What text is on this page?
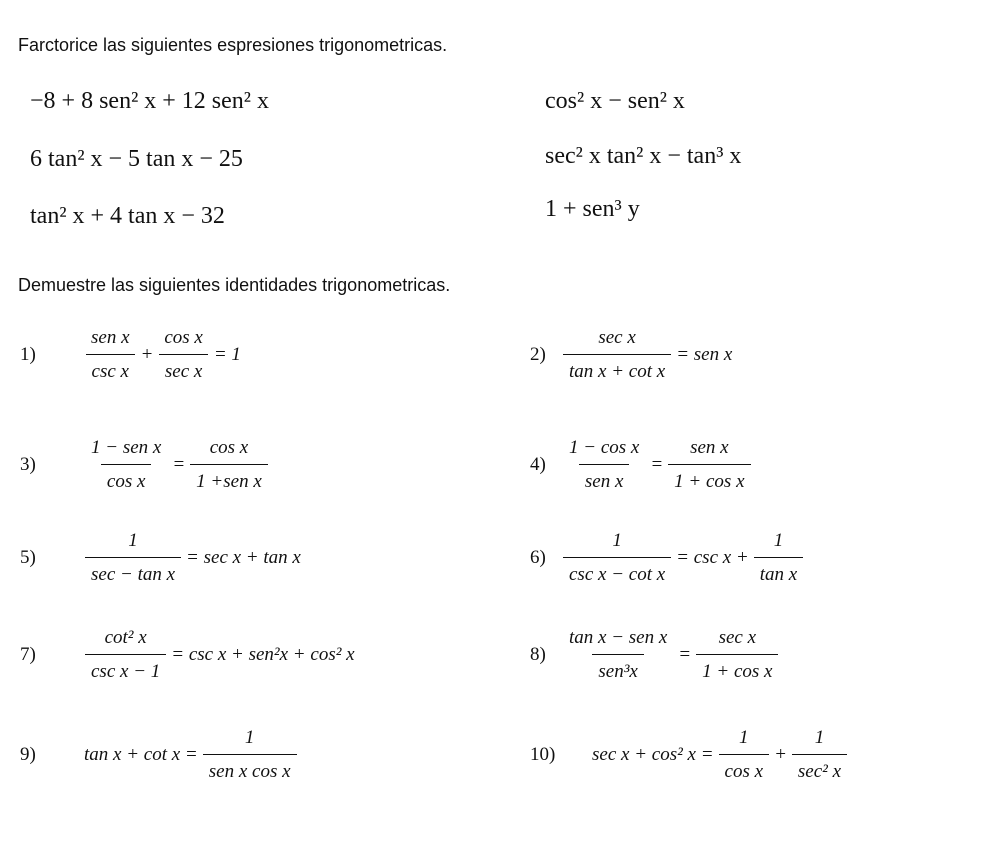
Farctorice las siguientes espresiones trigonometricas.
−8 + 8 sen² x + 12 sen² x
6 tan² x − 5 tan x − 25
tan² x + 4 tan x − 32
cos² x − sen² x
sec² x tan² x − tan³ x
1 + sen³ y
Demuestre las siguientes identidades trigonometricas.
1)	$\frac{\text{sen x}}{\text{csc x}} + \frac{\text{cos x}}{\text{sec x}} = 1$	$2) \frac{\text{sec x}}{\text{tan x + cot x}}$ = sen x
3)	$\frac{\text{1 − sen x}}{\text{cos x}} = \frac{\text{cos x}}{\text{1 +sen x}}$	$4) \frac{\text{1 − cos x}}{\text{sen x}} = \frac{\text{sen x}}{\text{1 + cos x}}$
5)	$\frac{1}{\text{sec − tan x}} = \sec x + \tan x$	$6) \frac{1}{\text{csc x − cot x}} = \csc x + \frac{1}{\text{tan x}}$
7)	$\frac{\text{cot² x}}{\text{csc x − 1}} = \csc x + sen^2x + \cos^2$ x	$8) \frac{\text{tan x − sen x}}{\text{sen³x}} = \frac{\text{sec x}}{\text{1 + cos x}}$
9)	$\tan x + \cot x = \frac{1}{\text{sen x cos x}}$	10) sec x + cos² $x = \frac{1}{\text{cos x}} + \frac{1}{\text{sec² x}}$
